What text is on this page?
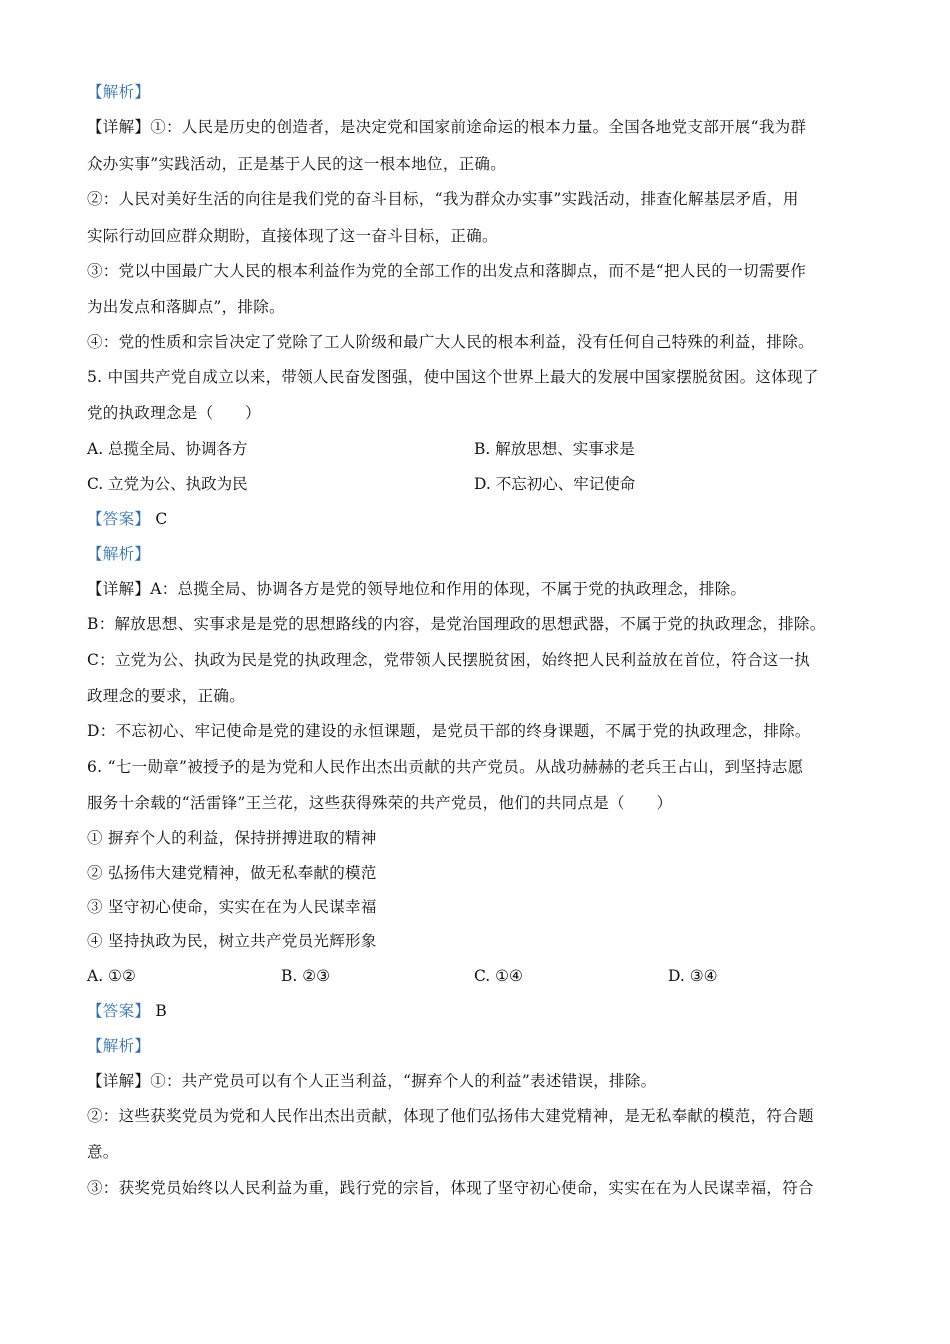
【解析】
【详解】①：人民是历史的创造者，是决定党和国家前途命运的根本力量。全国各地党支部开展“我为群
众办实事”实践活动，正是基于人民的这一根本地位，正确。
②：人民对美好生活的向往是我们党的奋斗目标，“我为群众办实事”实践活动，排查化解基层矛盾，用
实际行动回应群众期盼，直接体现了这一奋斗目标，正确。
③：党以中国最广大人民的根本利益作为党的全部工作的出发点和落脚点，而不是“把人民的一切需要作
为出发点和落脚点”，排除。
④：党的性质和宗旨决定了党除了工人阶级和最广大人民的根本利益，没有任何自己特殊的利益，排除。
5. 中国共产党自成立以来，带领人民奋发图强，使中国这个世界上最大的发展中国家摆脱贫困。这体现了
党的执政理念是（　　）
A. 总揽全局、协调各方	B. 解放思想、实事求是
C. 立党为公、执政为民	D. 不忘初心、牢记使命
【答案】 C
【解析】
【详解】A：总揽全局、协调各方是党的领导地位和作用的体现，不属于党的执政理念，排除。
B：解放思想、实事求是是党的思想路线的内容，是党治国理政的思想武器，不属于党的执政理念，排除。
C：立党为公、执政为民是党的执政理念，党带领人民摆脱贫困，始终把人民利益放在首位，符合这一执
政理念的要求，正确。
D：不忘初心、牢记使命是党的建设的永恒课题，是党员干部的终身课题，不属于党的执政理念，排除。
6. “七一勋章”被授予的是为党和人民作出杰出贡献的共产党员。从战功赫赫的老兵王占山，到坚持志愿
服务十余载的“活雷锋”王兰花，这些获得殊荣的共产党员，他们的共同点是（　　）
① 摒弃个人的利益，保持拼搏进取的精神
② 弘扬伟大建党精神，做无私奉献的模范
③ 坚守初心使命，实实在在为人民谋幸福
④ 坚持执政为民，树立共产党员光辉形象
A. ①②	B. ②③	C. ①④	D. ③④
【答案】 B
【解析】
【详解】①：共产党员可以有个人正当利益，“摒弃个人的利益”表述错误，排除。
②：这些获奖党员为党和人民作出杰出贡献，体现了他们弘扬伟大建党精神，是无私奉献的模范，符合题
意。
③：获奖党员始终以人民利益为重，践行党的宗旨，体现了坚守初心使命，实实在在为人民谋幸福，符合
